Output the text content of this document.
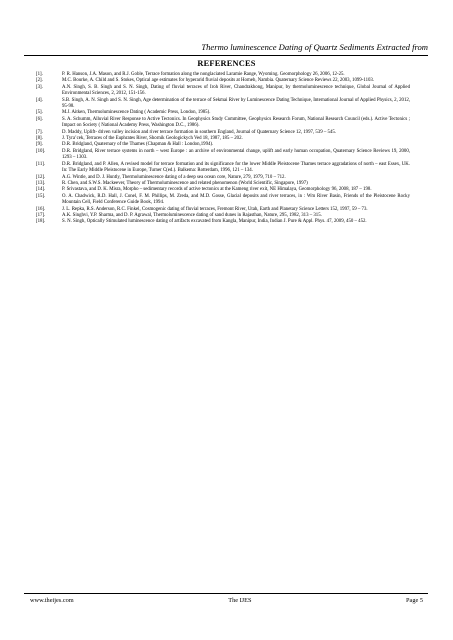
Thermo luminescence Dating of Quartz Sediments Extracted from
REFERENCES
[1].	P. R. Hanson, J.A. Mason, and R.J. Goble, Terrace formation along the nonglaciated Laramie Range, Wyoming. Geomorphology 26, 2006, 12-25.
[2].	M.C. Bourke, A. Child and S. Stokes, Optical age estimates for hyperarid fluvial deposits at Homeb, Nambia. Quaternary Science Reviews 22, 2003, 1099-1103.
[3].	A.N. Singh, S. B. Singh and S. N. Singh, Dating of fluvial terraces of Iroh River, Chandrakhong, Manipur, by thermoluminescence technique, Global Journal of Applied Environmental Sciences, 2, 2012, 151-156.
[4].	S.B. Singh, A. N. Singh and S. N. Singh, Age determination of the terrace of Sekmai River by Luminescence Dating Technique, International Journal of Applied Physics, 2, 2012, 95-98.
[5].	M.J. Aitken, Thermoluminescence Dating ( Academic Press, London, 1985).
[6].	S. A. Schumm, Alluvial River Response to Active Tectonics. In Geophysics Study Committee, Geophysics Research Forum, National Research Council (eds.). Active Tectonics ; Impact on Society ( National Academy Press, Washington D.C., 1986).
[7].	D. Maddy, Uplift- driven valley incision and river terrace formation in southern England, Journal of Quaternary Science 12, 1997, 539 – 545.
[8].	J. Tyra’cek, Terraces of the Euphrates River, Shornik Geologickych Ved 18, 1987, 185 – 202.
[9].	D.R. Bridgland, Quaternary of the Thames (Chapman & Hall : London,1994).
[10].	D.R. Bridgland, River terrace systems in north – west Europe : an archive of environmental change, uplift and early human occupation, Quaternary Science Reviews 19, 2000, 1293 – 1303.
[11].	D.R. Bridgland, and P. Allen, A revised model for terrace formation and its significance for the lower Middle Pleistocene Thames terrace aggradations of north – east Essex, UK. In: The Early Middle Pleistocene in Europe, Turner C(ed.). Balkema: Rotterdam, 1996, 121 – 134.
[12].	A.G. Wintle, and D. J. Huntly, Thermoluminescence dating of a deep sea ocean core, Nature, 279, 1979, 710 – 712.
[13].	R. Chen, and S.W.S. Mackeever, Theory of Thermoluminescence and related phenomenon (World Scientific, Singapore, 1997)
[14].	P. Srivastava, and D. K. Misra, Morpho – sedimentary records of active tectonics at the Kameng river exit, NE Himalaya, Geomorphology 96, 2008, 187 – 198.
[15].	O. A. Chadwick, R.D. Hall, J. Conel, F. M. Phillips, M. Zreda, and M.D. Gosse, Glacial deposits and river terraces, in : Wm River Basin, Friends of the Pleistocene Rocky Mountain Cell, Field Conference Guide Book, 1994.
[16].	J. L. Repka, R.S. Anderson, R.C. Finkel, Cosmogenic dating of fluvial terraces, Fremont River, Utah, Earth and Planetary Science Letters 152, 1997, 59 – 73.
[17].	A.K. Singhvi, Y.P. Sharma, and D. P. Agrawal, Thermoluminescence dating of sand dunes in Rajasthan, Nature, 295, 1982, 313 – 315.
[18].	S. N. Singh, Optically Stimulated luminescence dating of artifacts excavated from Kangla, Manipur, India, Indian J. Pure & Appl. Phys. 47, 2009, 450 – 452.
www.theijes.com	The IJES	Page 5
